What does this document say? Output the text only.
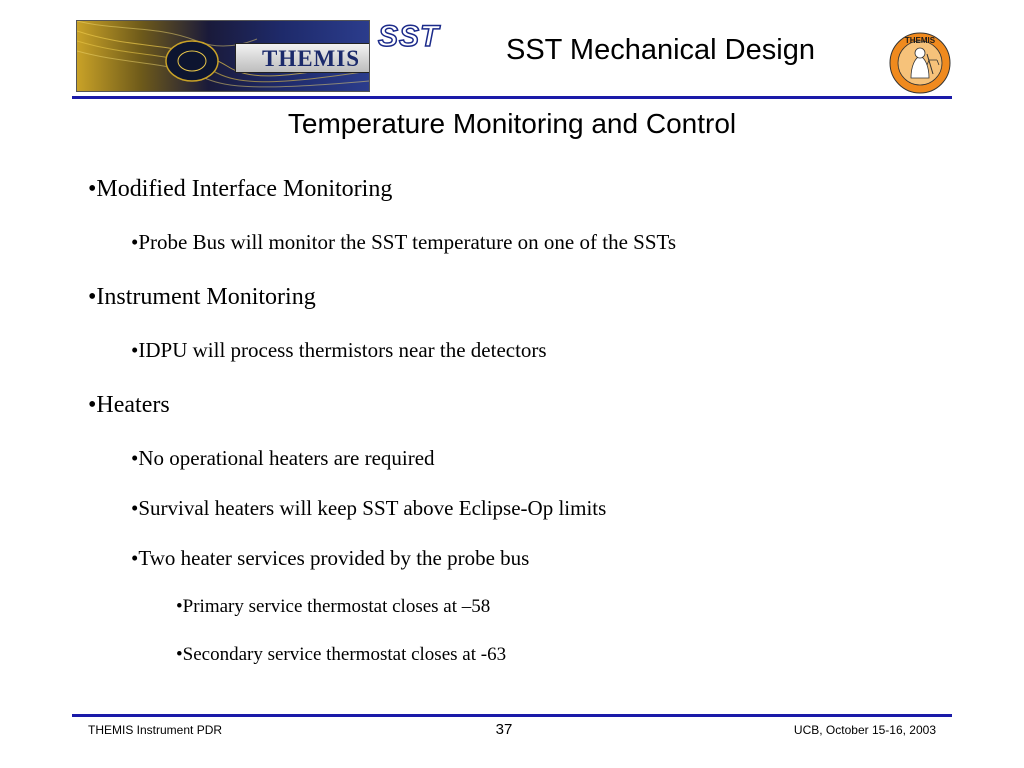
THEMIS
SST SST Mechanical Design	THEMIS
Temperature Monitoring and Control
•Modified Interface Monitoring
•Probe Bus will monitor the SST temperature on one of the SSTs
•Instrument Monitoring
•IDPU will process thermistors near the detectors
•Heaters
•No operational heaters are required
•Survival heaters will keep SST above Eclipse-Op limits
•Two heater services provided by the probe bus
•Primary service thermostat closes at –58
•Secondary service thermostat closes at -63
THEMIS Instrument PDR	37	UCB, October 15-16, 2003
